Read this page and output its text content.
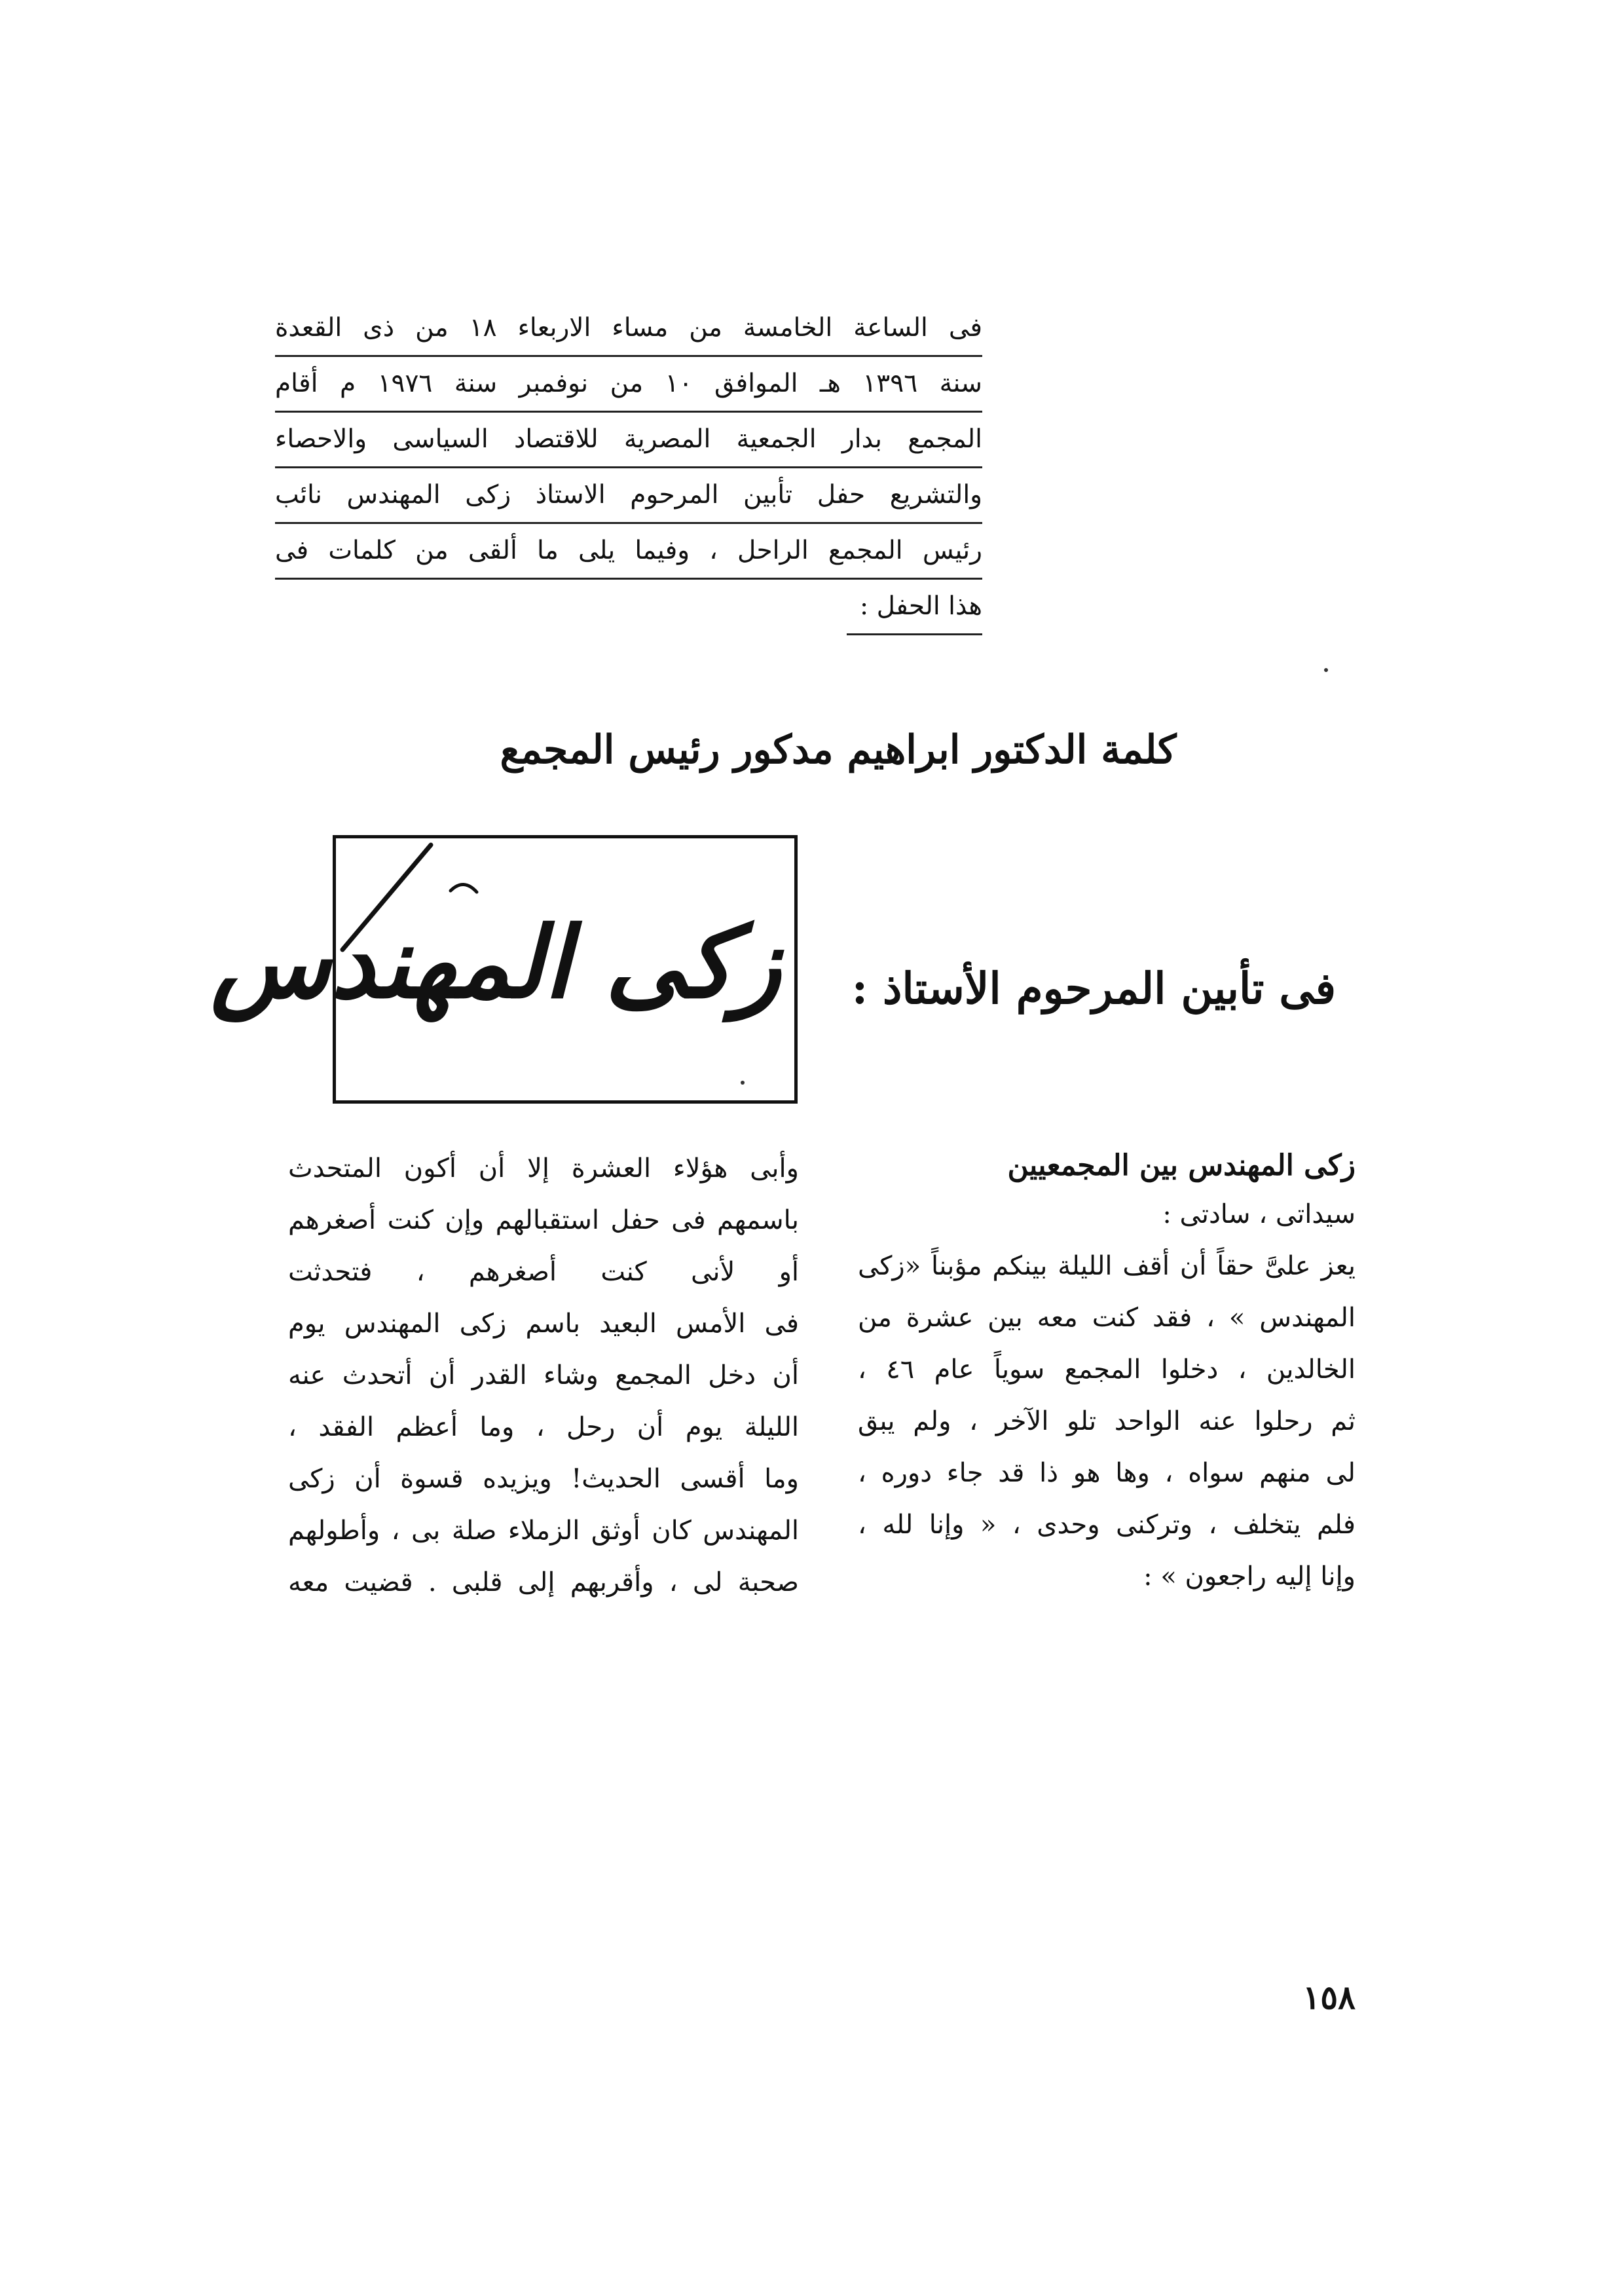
فى الساعة الخامسة من مساء الاربعاء ١٨ من ذى القعدة
سنة ١٣٩٦ هـ الموافق ١٠ من نوفمبر سنة ١٩٧٦ م أقام
المجمع بدار الجمعية المصرية للاقتصاد السياسى والاحصاء
والتشريع حفل تأبين المرحوم الاستاذ زكى المهندس نائب
رئيس المجمع الراحل ، وفيما يلى ما ألقى من كلمات فى
هذا الحفل :
كلمة الدكتور ابراهيم مدكور رئيس المجمع
زكى المهندس فى تأبين المرحوم الأستاذ :
زكى المهندس بين المجمعيين
سيداتى ، سادتى :
يعز علىَّ حقاً أن أقف الليلة بينكم مؤبناً «زكى
المهندس » ، فقد كنت معه بين عشرة من
الخالدين ، دخلوا المجمع سوياً عام ٤٦ ،
ثم رحلوا عنه الواحد تلو الآخر ، ولم يبق
لى منهم سواه ، وها هو ذا قد جاء دوره ،
فلم يتخلف ، وتركنى وحدى ، « وإنا لله ،
وإنا إليه راجعون » :
وأبى هؤلاء العشرة إلا أن أكون المتحدث
باسمهم فى حفل استقبالهم وإن كنت أصغرهم
أو لأنى كنت أصغرهم ، فتحدثت
فى الأمس البعيد باسم زكى المهندس يوم
أن دخل المجمع وشاء القدر أن أتحدث عنه
الليلة يوم أن رحل ، وما أعظم الفقد ،
وما أقسى الحديث! ويزيده قسوة أن زكى
المهندس كان أوثق الزملاء صلة بى ، وأطولهم
صحبة لى ، وأقربهم إلى قلبى . قضيت معه
١٥٨
